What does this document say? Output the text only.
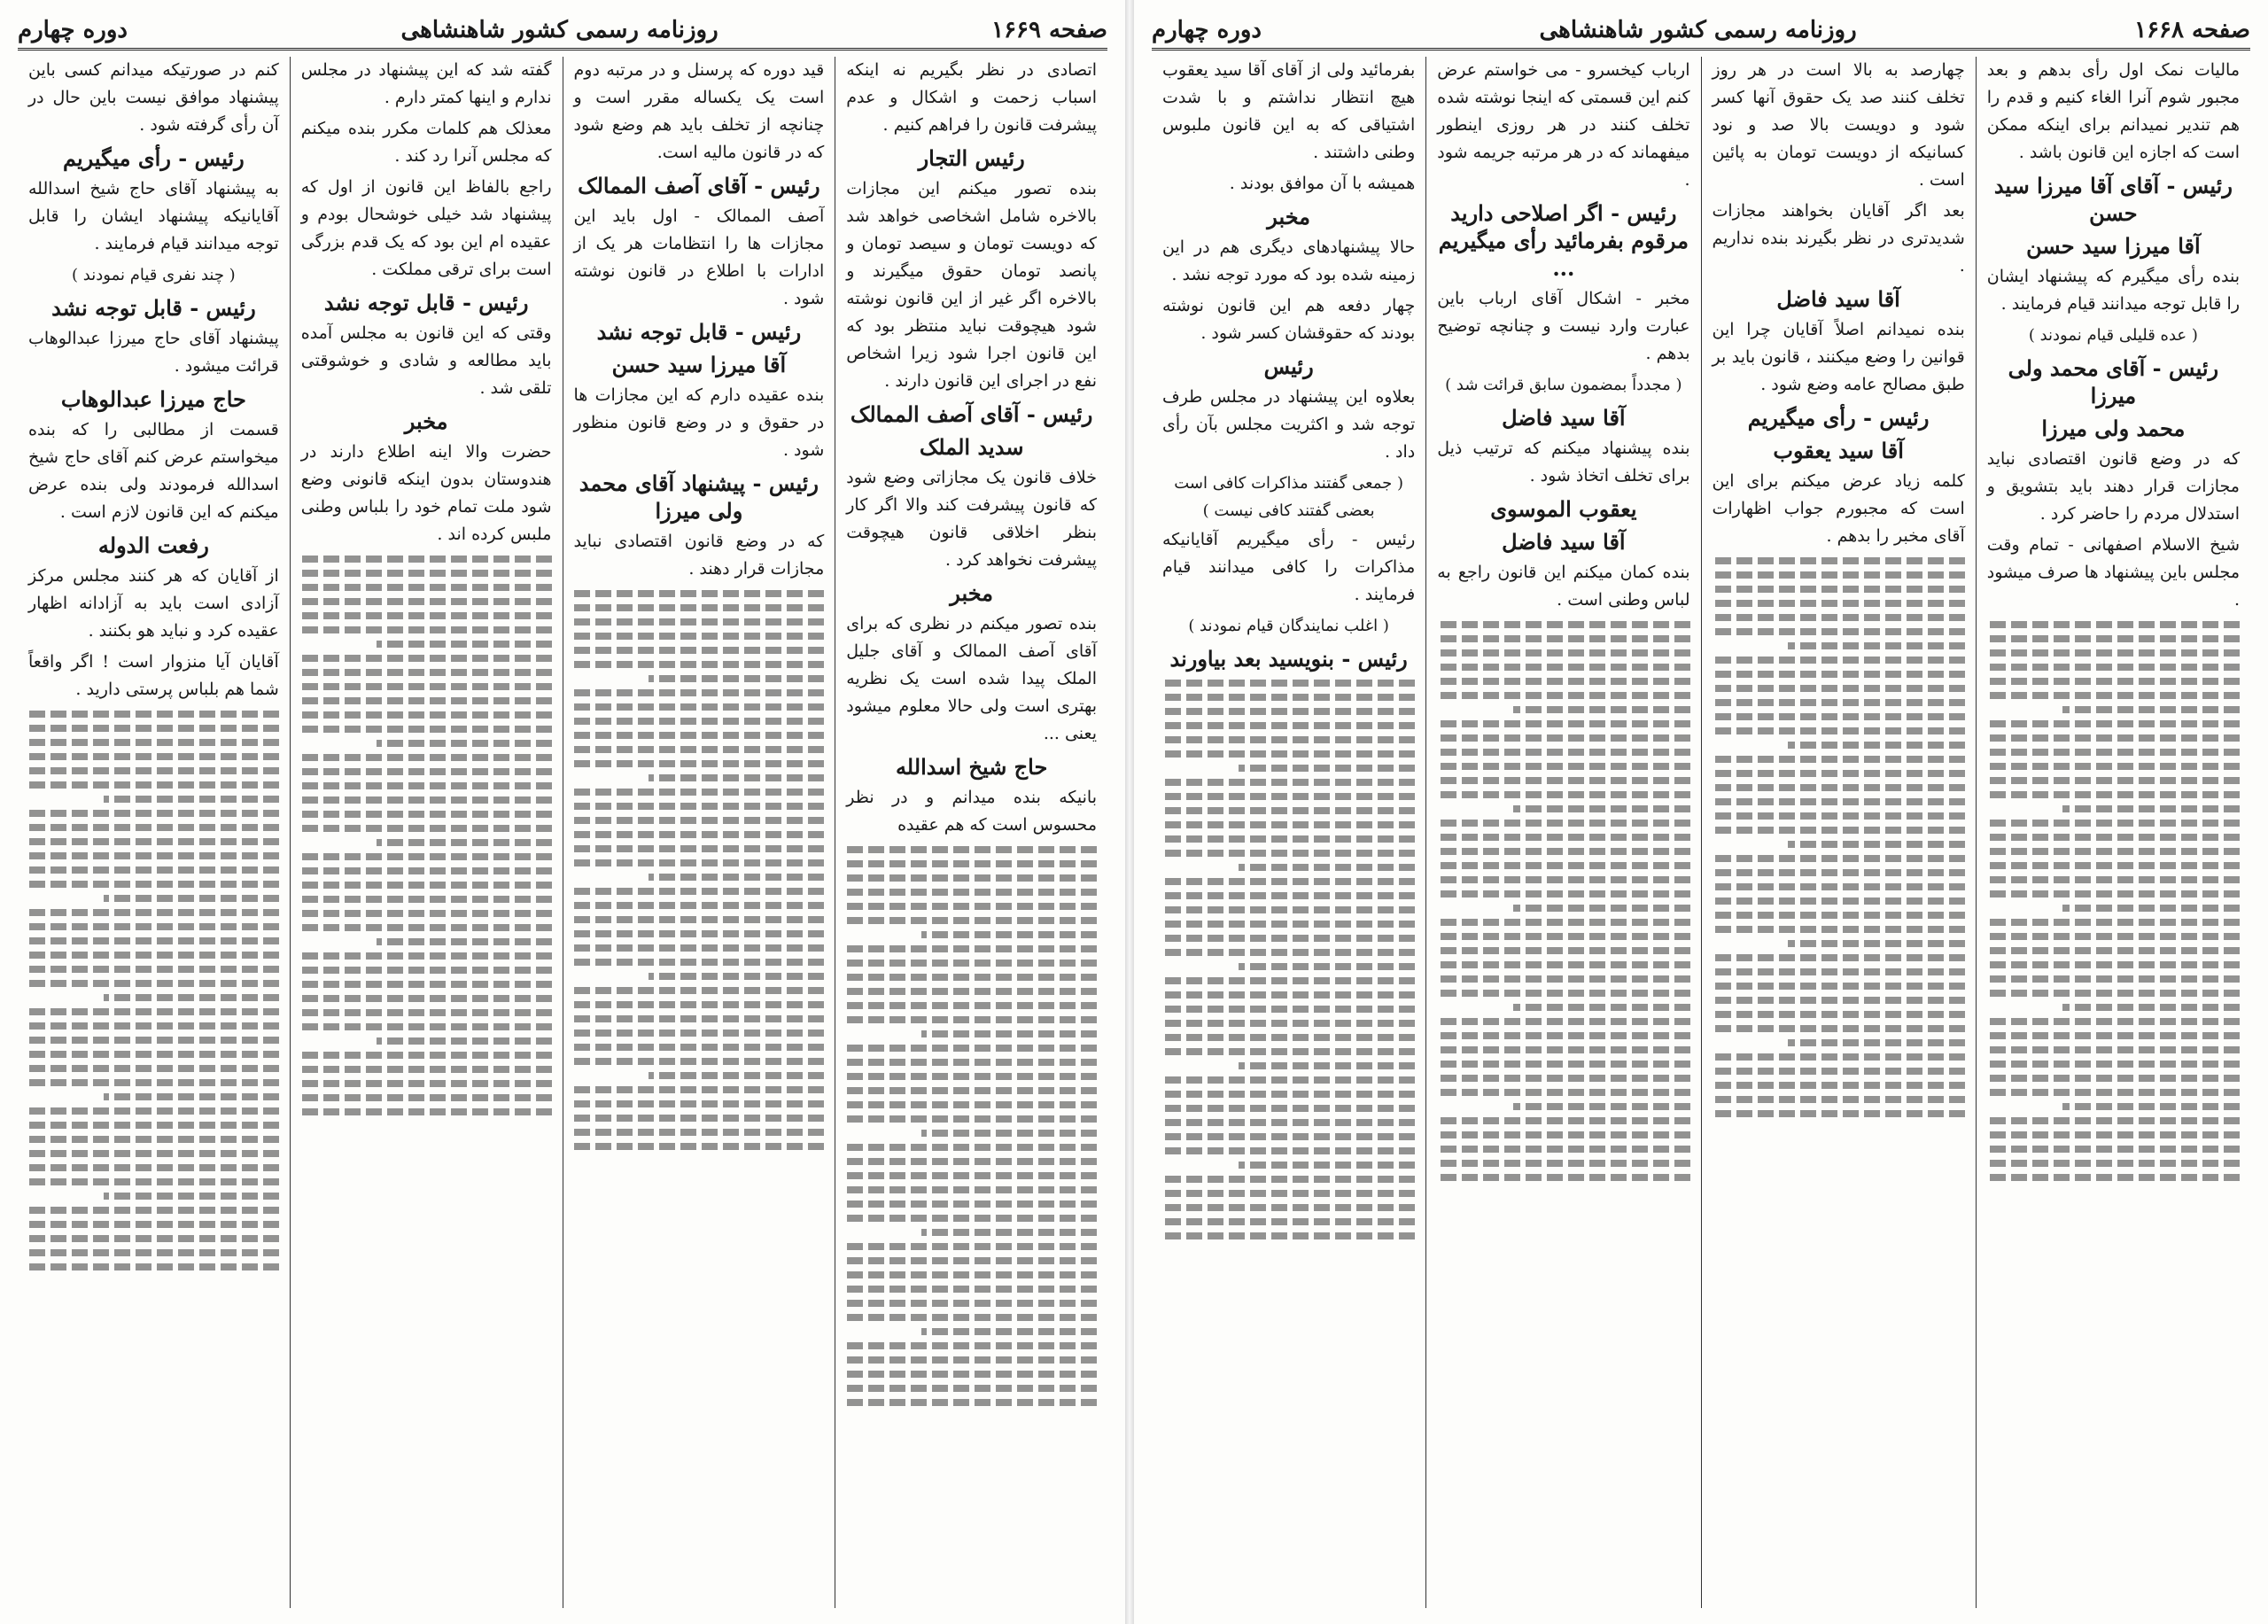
صفحه ۱۶۶۹
روزنامه رسمی کشور شاهنشاهی
دوره چهارم

اتصادی در نظر بگیریم نه اینکه اسباب زحمت و اشکال و عدم پیشرفت قانون را فراهم کنیم .

رئیس التجار

بنده تصور میکنم این مجازات بالاخره شامل اشخاصی خواهد شد که دویست تومان و سیصد تومان و پانصد تومان حقوق میگیرند و بالاخره اگر غیر از این قانون نوشته شود هیچوقت نباید منتظر بود که این قانون اجرا شود زیرا اشخاص نفع در اجرای این قانون دارند .

رئیس - آقای آصف الممالک
سدید الملک

خلاف قانون یک مجازاتی وضع شود که قانون پیشرفت کند والا اگر کار بنظر اخلاقی قانون هیچوقت پیشرفت نخواهد کرد .

مخبر

بنده تصور میکنم در نظری که برای آقای آصف الممالک و آقای جلیل الملک پیدا شده است یک نظریه بهتری است ولی حالا معلوم میشود یعنی ...

حاج شیخ اسدالله

بانیکه بنده میدانم و در نظر محسوس است که هم عقیده

قید دوره که پرسنل و در مرتبه دوم است یک یکساله مقرر است و چنانچه از تخلف باید هم وضع شود که در قانون مالیه است.

رئیس - آقای آصف الممالک

آصف الممالک - اول باید این مجازات ها را انتظامات هر یک از ادارات با اطلاع در قانون نوشته شود .

رئیس - قابل توجه نشد
آقا میرزا سید حسن

بنده عقیده دارم که این مجازات ها در حقوق و در وضع قانون منظور شود .

رئیس - پیشنهاد آقای محمد ولی میرزا

که در وضع قانون اقتصادی نباید مجازات قرار دهند .

گفته شد که این پیشنهاد در مجلس ندارم و اینها کمتر دارم .

معذلک هم کلمات مکرر بنده میکنم که مجلس آنرا رد کند .

راجع بالفاظ این قانون از اول که پیشنهاد شد خیلی خوشحال بودم و عقیده ام این بود که یک قدم بزرگی است برای ترقی مملکت .

رئیس - قابل توجه نشد

وقتی که این قانون به مجلس آمده باید مطالعه و شادی و خوشوقتی تلقی شد .

مخبر

حضرت والا اینه اطلاع دارند در هندوستان بدون اینکه قانونی وضع شود ملت تمام خود را بلباس وطنی ملبس کرده اند .

کنم در صورتیکه میدانم کسی باین پیشنهاد موافق نیست باین حال در آن رأی گرفته شود .

رئیس - رأی میگیریم

به پیشنهاد آقای حاج شیخ اسدالله آقایانیکه پیشنهاد ایشان را قابل توجه میدانند قیام فرمایند .

( چند نفری قیام نمودند )
رئیس - قابل توجه نشد

پیشنهاد آقای حاج میرزا عبدالوهاب قرائت میشود .

حاج میرزا عبدالوهاب

قسمت از مطالبی را که بنده میخواستم عرض کنم آقای حاج شیخ اسدالله فرمودند ولی بنده عرض میکنم که این قانون لازم است .

رفعت الدوله

از آقایان که هر کنند مجلس مرکز آزادی است باید به آزادانه اظهار عقیده کرد و نباید هو بکنند .

آقایان آیا منزوار است ! اگر واقعاً شما هم بلباس پرستی دارید .

صفحه ۱۶۶۸
روزنامه رسمی کشور شاهنشاهی
دوره چهارم

مالیات نمک اول رأی بدهم و بعد مجبور شوم آنرا الغاء کنیم و قدم را هم تندیر نمیدانم برای اینکه ممکن است که اجازه این قانون باشد .

رئیس - آقای آقا میرزا سید حسن
آقا میرزا سید حسن

بنده رأی میگیرم که پیشنهاد ایشان را قابل توجه میدانند قیام فرمایند .

( عده قلیلی قیام نمودند )
رئیس - آقای محمد ولی میرزا
محمد ولی میرزا

که در وضع قانون اقتصادی نباید مجازات قرار دهند باید بتشویق و استدلال مردم را حاضر کرد .

شیخ الاسلام اصفهانی - تمام وقت مجلس باین پیشنهاد ها صرف میشود .

چهارصد به بالا است در هر روز تخلف کنند صد یک حقوق آنها کسر شود و دویست بالا صد و نود کسانیکه از دویست تومان به پائین است .

بعد اگر آقایان بخواهند مجازات شدیدتری در نظر بگیرند بنده نداریم .

آقا سید فاضل

بنده نمیدانم اصلاً آقایان چرا این قوانین را وضع میکنند ، قانون باید بر طبق مصالح عامه وضع شود .

رئیس - رأی میگیریم
آقا سید یعقوب

کلمه زیاد عرض میکنم برای این است که مجبورم جواب اظهارات آقای مخبر را بدهم .

ارباب کیخسرو - می خواستم عرض کنم این قسمتی که اینجا نوشته شده تخلف کنند در هر روزی اینطور میفهماند که در هر مرتبه جریمه شود .

رئیس - اگر اصلاحی دارید مرقوم بفرمائید رأی میگیریم ...

مخبر - اشکال آقای ارباب باین عبارت وارد نیست و چنانچه توضیح بدهم .

( مجدداً بمضمون سابق قرائت شد )
آقا سید فاضل

بنده پیشنهاد میکنم که ترتیب ذیل برای تخلف اتخاذ شود .

یعقوب الموسوی
آقا سید فاضل

بنده کمان میکنم این قانون راجع به لباس وطنی است .

بفرمائید ولی از آقای آقا سید یعقوب هیچ انتظار نداشتم و با شدت اشتیاقی که به این قانون ملبوس وطنی داشتند .

همیشه با آن موافق بودند .

مخبر

حالا پیشنهادهای دیگری هم در این زمینه شده بود که مورد توجه نشد .

چهار دفعه هم این قانون نوشته بودند که حقوقشان کسر شود .

رئیس

بعلاوه این پیشنهاد در مجلس طرف توجه شد و اکثریت مجلس بآن رأی داد .

( جمعی گفتند مذاکرات کافی است بعضی گفتند کافی نیست )

رئیس - رأی میگیریم آقایانیکه مذاکرات را کافی میدانند قیام فرمایند .

( اغلب نمایندگان قیام نمودند )
رئیس - بنویسید بعد بیاورند
